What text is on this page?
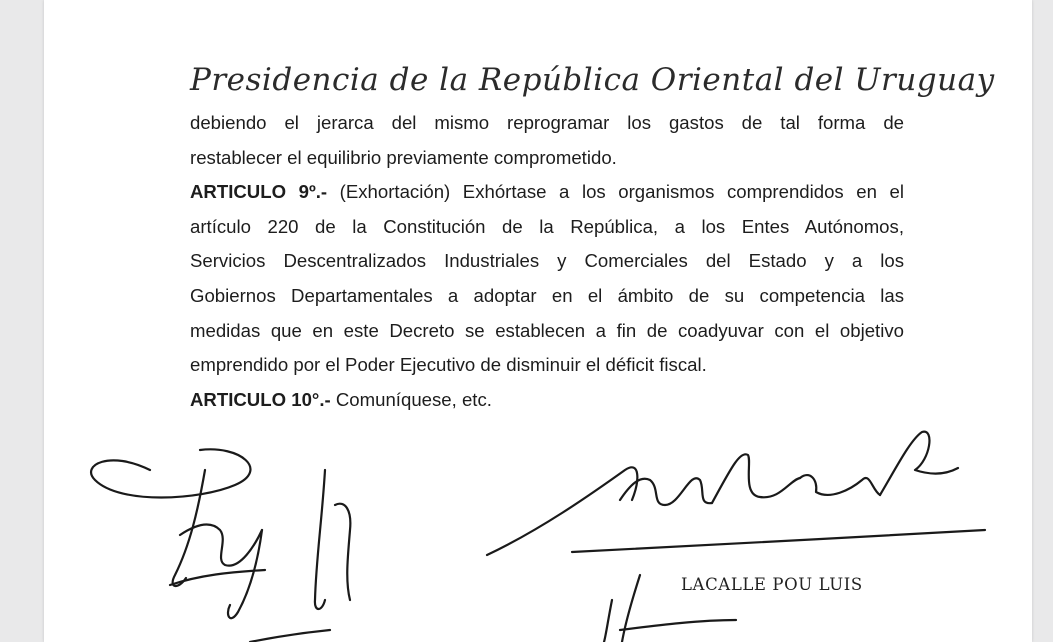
Presidencia de la República Oriental del Uruguay
debiendo el jerarca del mismo reprogramar los gastos de tal forma de
restablecer el equilibrio previamente comprometido.
ARTICULO 9º.- (Exhortación) Exhórtase a los organismos comprendidos en el
artículo 220 de la Constitución de la República, a los Entes Autónomos,
Servicios Descentralizados Industriales y Comerciales del Estado y a los
Gobiernos Departamentales a adoptar en el ámbito de su competencia las
medidas que en este Decreto se establecen a fin de coadyuvar con el objetivo
emprendido por el Poder Ejecutivo de disminuir el déficit fiscal.
ARTICULO 10°.- Comuníquese, etc.
LACALLE POU LUIS
